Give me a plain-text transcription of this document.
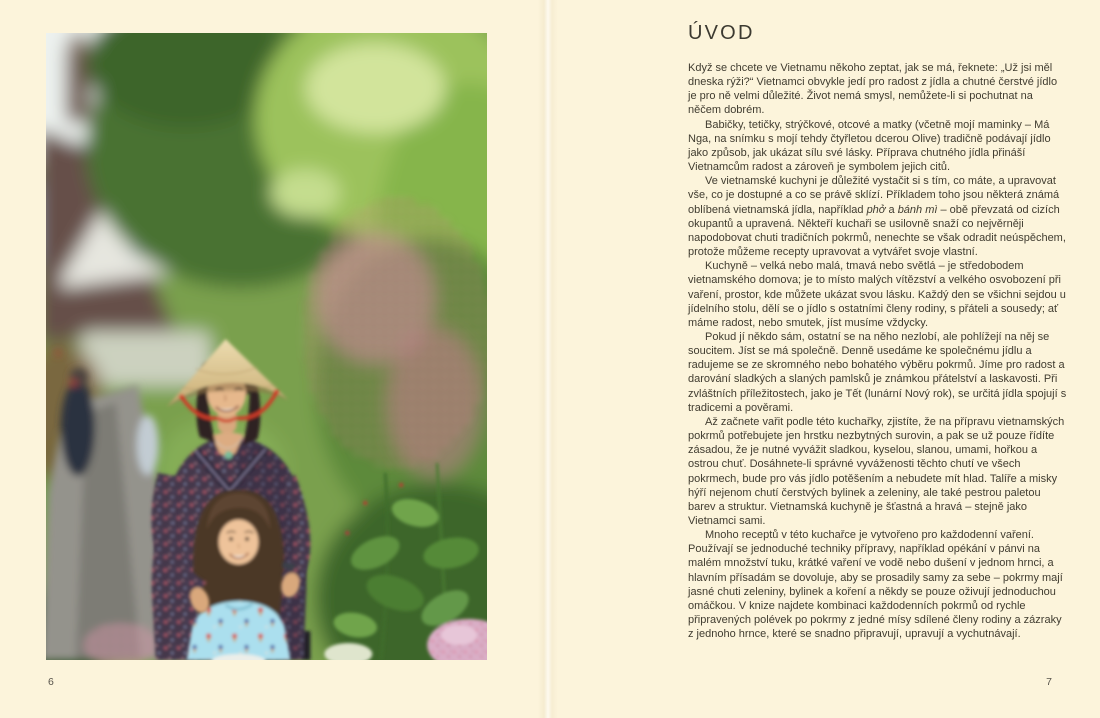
6
ÚVOD

Když se chcete ve Vietnamu někoho zeptat, jak se má, řeknete: „Už jsi měl dneska rýži?“ Vietnamci obvykle jedí pro radost z jídla a chutné čerstvé jídlo je pro ně velmi důležité. Život nemá smysl, nemůžete-li si pochutnat na něčem dobrém.

Babičky, tetičky, strýčkové, otcové a matky (včetně mojí maminky – Má Nga, na snímku s mojí tehdy čtyřletou dcerou Olive) tradičně podávají jídlo jako způsob, jak ukázat sílu své lásky. Příprava chutného jídla přináší Vietnamcům radost a zároveň je symbolem jejich citů.

Ve vietnamské kuchyni je důležité vystačit si s tím, co máte, a upravovat vše, co je dostupné a co se právě sklízí. Příkladem toho jsou některá známá oblíbená vietnamská jídla, například phở a bánh mì – obě převzatá od cizích okupantů a upravená. Někteří kuchaři se usilovně snaží co nejvěrněji napodobovat chuti tradičních pokrmů, nenechte se však odradit neúspěchem, protože můžeme recepty upravovat a vytvářet svoje vlastní.

Kuchyně – velká nebo malá, tmavá nebo světlá – je středobodem vietnamského domova; je to místo malých vítězství a velkého osvobození při vaření, prostor, kde můžete ukázat svou lásku. Každý den se všichni sejdou u jídelního stolu, dělí se o jídlo s ostatními členy rodiny, s přáteli a sousedy; ať máme radost, nebo smutek, jíst musíme vždycky.

Pokud jí někdo sám, ostatní se na něho nezlobí, ale pohlížejí na něj se soucitem. Jíst se má společně. Denně usedáme ke společnému jídlu a radujeme se ze skromného nebo bohatého výběru pokrmů. Jíme pro radost a darování sladkých a slaných pamlsků je známkou přátelství a laskavosti. Při zvláštních příležitostech, jako je Tết (lunární Nový rok), se určitá jídla spojují s tradicemi a pověrami.

Až začnete vařit podle této kuchařky, zjistíte, že na přípravu vietnamských pokrmů potřebujete jen hrstku nezbytných surovin, a pak se už pouze řídíte zásadou, že je nutné vyvážit sladkou, kyselou, slanou, umami, hořkou a ostrou chuť. Dosáhnete-li správné vyváženosti těchto chutí ve všech pokrmech, bude pro vás jídlo potěšením a nebudete mít hlad. Talíře a misky hýří nejenom chutí čerstvých bylinek a zeleniny, ale také pestrou paletou barev a struktur. Vietnamská kuchyně je šťastná a hravá – stejně jako Vietnamci sami.

Mnoho receptů v této kuchařce je vytvořeno pro každodenní vaření. Používají se jednoduché techniky přípravy, například opékání v pánvi na malém množství tuku, krátké vaření ve vodě nebo dušení v jednom hrnci, a hlavním přísadám se dovoluje, aby se prosadily samy za sebe – pokrmy mají jasné chuti zeleniny, bylinek a koření a někdy se pouze oživují jednoduchou omáčkou. V knize najdete kombinaci každodenních pokrmů od rychle připravených polévek po pokrmy z jedné mísy sdílené členy rodiny a zázraky z jednoho hrnce, které se snadno připravují, upravují a vychutnávají.

7
